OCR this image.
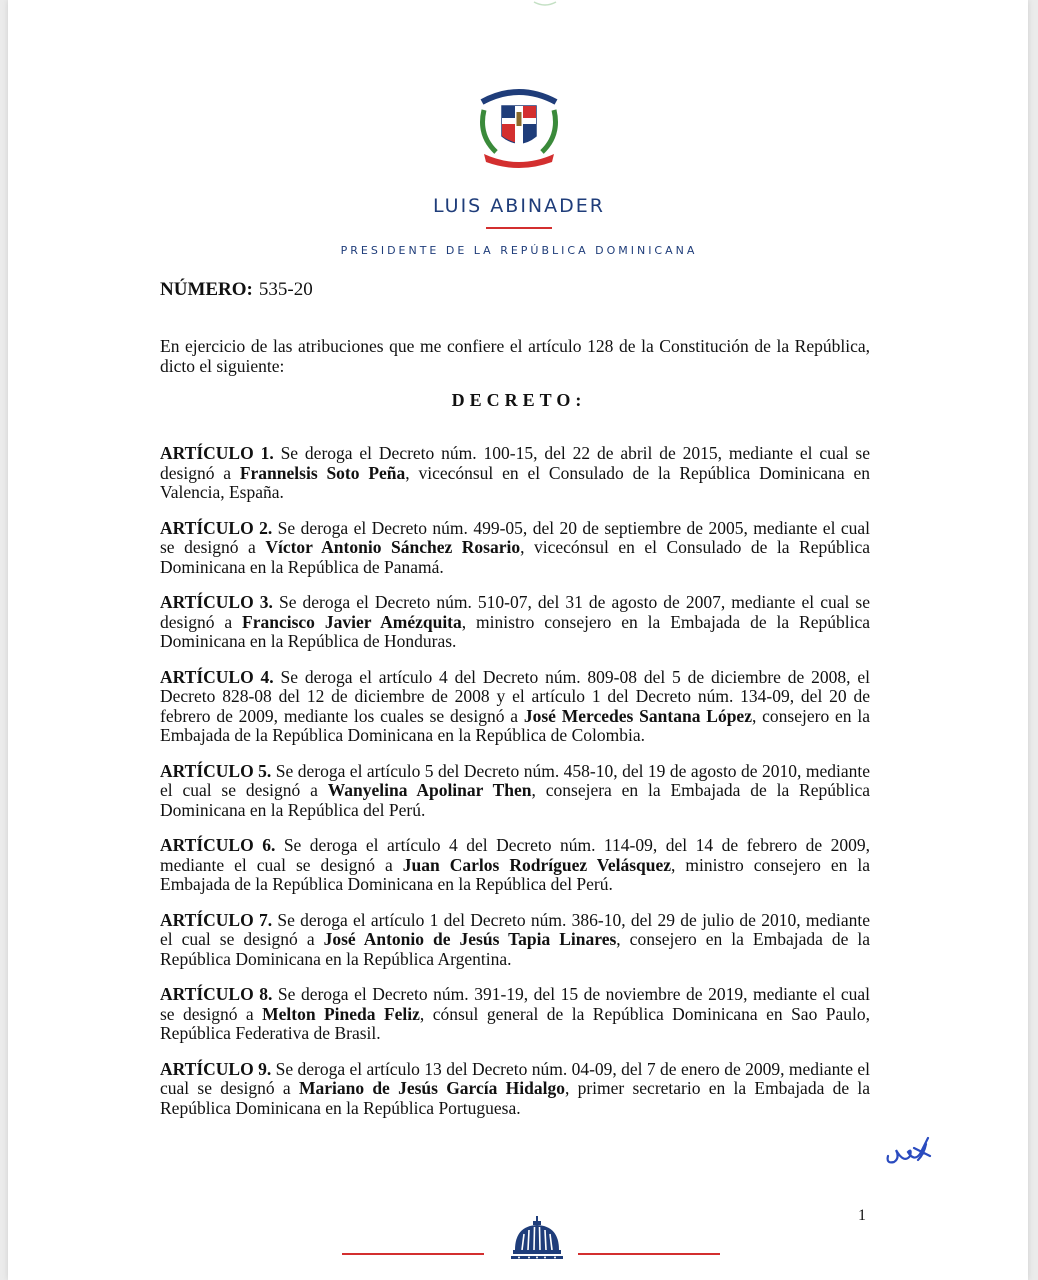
LUIS ABINADER
PRESIDENTE DE LA REPÚBLICA DOMINICANA
NÚMERO: 535-20
En ejercicio de las atribuciones que me confiere el artículo 128 de la Constitución de la República, dicto el siguiente:
DECRETO:

ARTÍCULO 1. Se deroga el Decreto núm. 100-15, del 22 de abril de 2015, mediante el cual se designó a Frannelsis Soto Peña, vicecónsul en el Consulado de la República Dominicana en Valencia, España.

ARTÍCULO 2. Se deroga el Decreto núm. 499-05, del 20 de septiembre de 2005, mediante el cual se designó a Víctor Antonio Sánchez Rosario, vicecónsul en el Consulado de la República Dominicana en la República de Panamá.

ARTÍCULO 3. Se deroga el Decreto núm. 510-07, del 31 de agosto de 2007, mediante el cual se designó a Francisco Javier Amézquita, ministro consejero en la Embajada de la República Dominicana en la República de Honduras.

ARTÍCULO 4. Se deroga el artículo 4 del Decreto núm. 809-08 del 5 de diciembre de 2008, el Decreto 828-08 del 12 de diciembre de 2008 y el artículo 1 del Decreto núm. 134-09, del 20 de febrero de 2009, mediante los cuales se designó a José Mercedes Santana López, consejero en la Embajada de la República Dominicana en la República de Colombia.

ARTÍCULO 5. Se deroga el artículo 5 del Decreto núm. 458-10, del 19 de agosto de 2010, mediante el cual se designó a Wanyelina Apolinar Then, consejera en la Embajada de la República Dominicana en la República del Perú.

ARTÍCULO 6. Se deroga el artículo 4 del Decreto núm. 114-09, del 14 de febrero de 2009, mediante el cual se designó a Juan Carlos Rodríguez Velásquez, ministro consejero en la Embajada de la República Dominicana en la República del Perú.

ARTÍCULO 7. Se deroga el artículo 1 del Decreto núm. 386-10, del 29 de julio de 2010, mediante el cual se designó a José Antonio de Jesús Tapia Linares, consejero en la Embajada de la República Dominicana en la República Argentina.

ARTÍCULO 8. Se deroga el Decreto núm. 391-19, del 15 de noviembre de 2019, mediante el cual se designó a Melton Pineda Feliz, cónsul general de la República Dominicana en Sao Paulo, República Federativa de Brasil.

ARTÍCULO 9. Se deroga el artículo 13 del Decreto núm. 04-09, del 7 de enero de 2009, mediante el cual se designó a Mariano de Jesús García Hidalgo, primer secretario en la Embajada de la República Dominicana en la República Portuguesa.

1
